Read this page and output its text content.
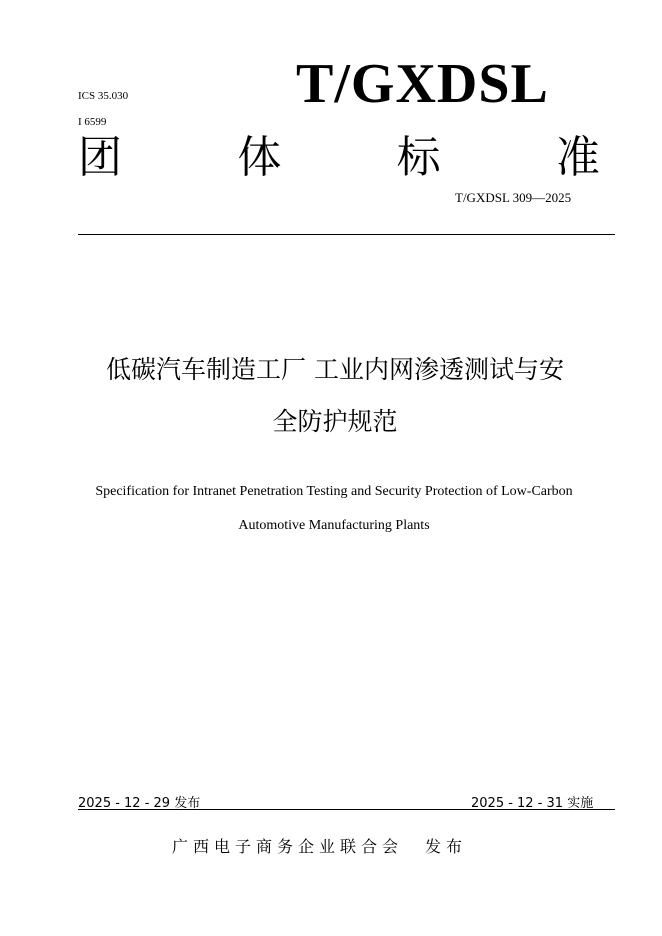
ICS 35.030
I 6599
T/GXDSL
团	体	标	准
T/GXDSL 309—2025
低碳汽车制造工厂 工业内网渗透测试与安
全防护规范
Specification for Intranet Penetration Testing and Security Protection of Low-Carbon
Automotive Manufacturing Plants
2025 - 12 - 29 发布	2025 - 12 - 31 实施
广西电子商务企业联合会 发布
